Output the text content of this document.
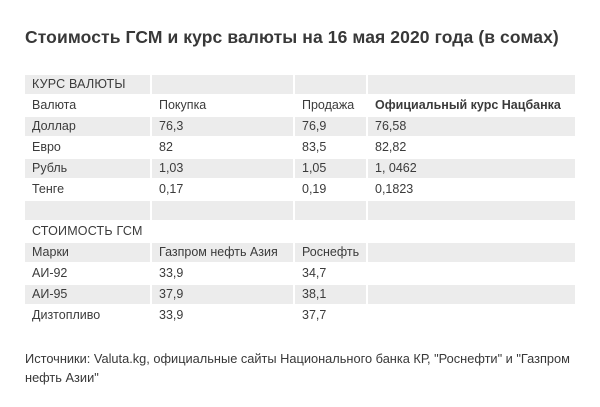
Стоимость ГСМ и курс валюты на 16 мая 2020 года (в сомах)
КУРС ВАЛЮТЫ
Валюта	Покупка	Продажа	Официальный курс Нацбанка
Доллар	76,3	76,9	76,58
Евро	82	83,5	82,82
Рубль	1,03	1,05	1, 0462
Тенге	0,17	0,19	0,1823
СТОИМОСТЬ ГСМ
Марки	Газпром нефть Азия	Роснефть
АИ-92	33,9	34,7
АИ-95	37,9	38,1
Дизтопливо	33,9	37,7

Источники: Valuta.kg, официальные сайты Национального банка КР, "Роснефти" и "Газпром нефть Азии"
